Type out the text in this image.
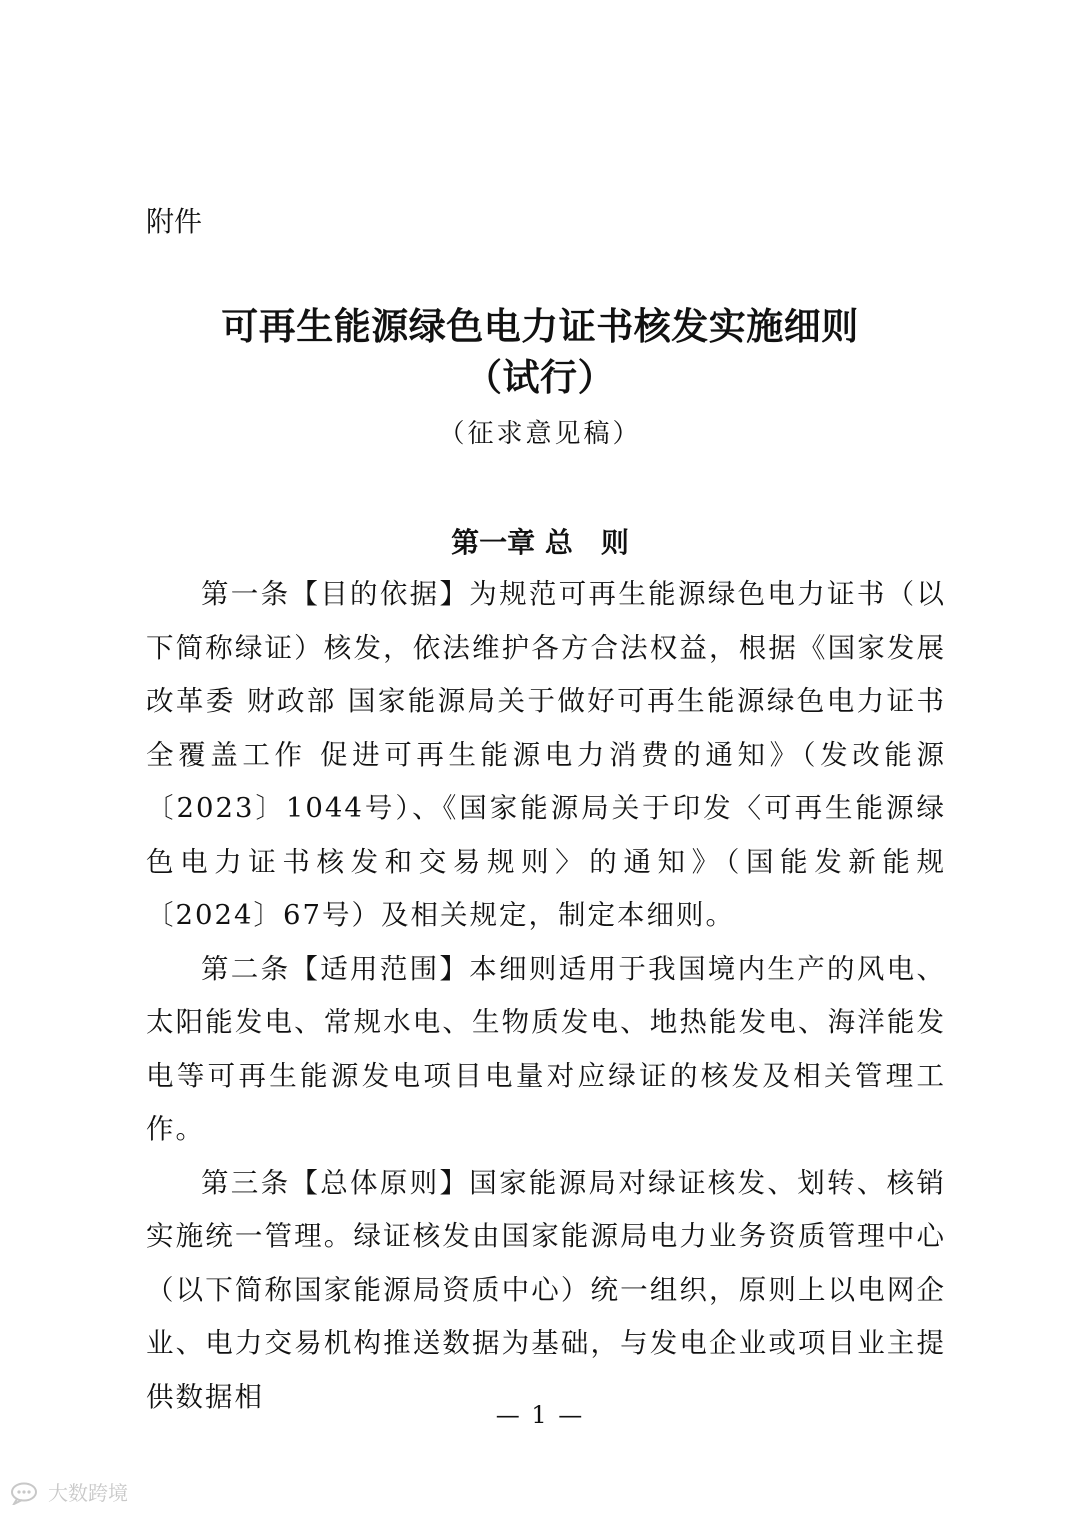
附件
可再生能源绿色电力证书核发实施细则
（试行）
（征求意见稿）
第一章 总　则

第一条【目的依据】为规范可再生能源绿色电力证书（以下简称绿证）核发，依法维护各方合法权益，根据《国家发展改革委 财政部 国家能源局关于做好可再生能源绿色电力证书全覆盖工作 促进可再生能源电力消费的通知》（发改能源〔2023〕1044号）、《国家能源局关于印发〈可再生能源绿色电力证书核发和交易规则〉的通知》（国能发新能规〔2024〕67号）及相关规定，制定本细则。

第二条【适用范围】本细则适用于我国境内生产的风电、太阳能发电、常规水电、生物质发电、地热能发电、海洋能发电等可再生能源发电项目电量对应绿证的核发及相关管理工作。

第三条【总体原则】国家能源局对绿证核发、划转、核销实施统一管理。绿证核发由国家能源局电力业务资质管理中心（以下简称国家能源局资质中心）统一组织，原则上以电网企业、电力交易机构推送数据为基础，与发电企业或项目业主提供数据相

— 1 —
大数跨境
